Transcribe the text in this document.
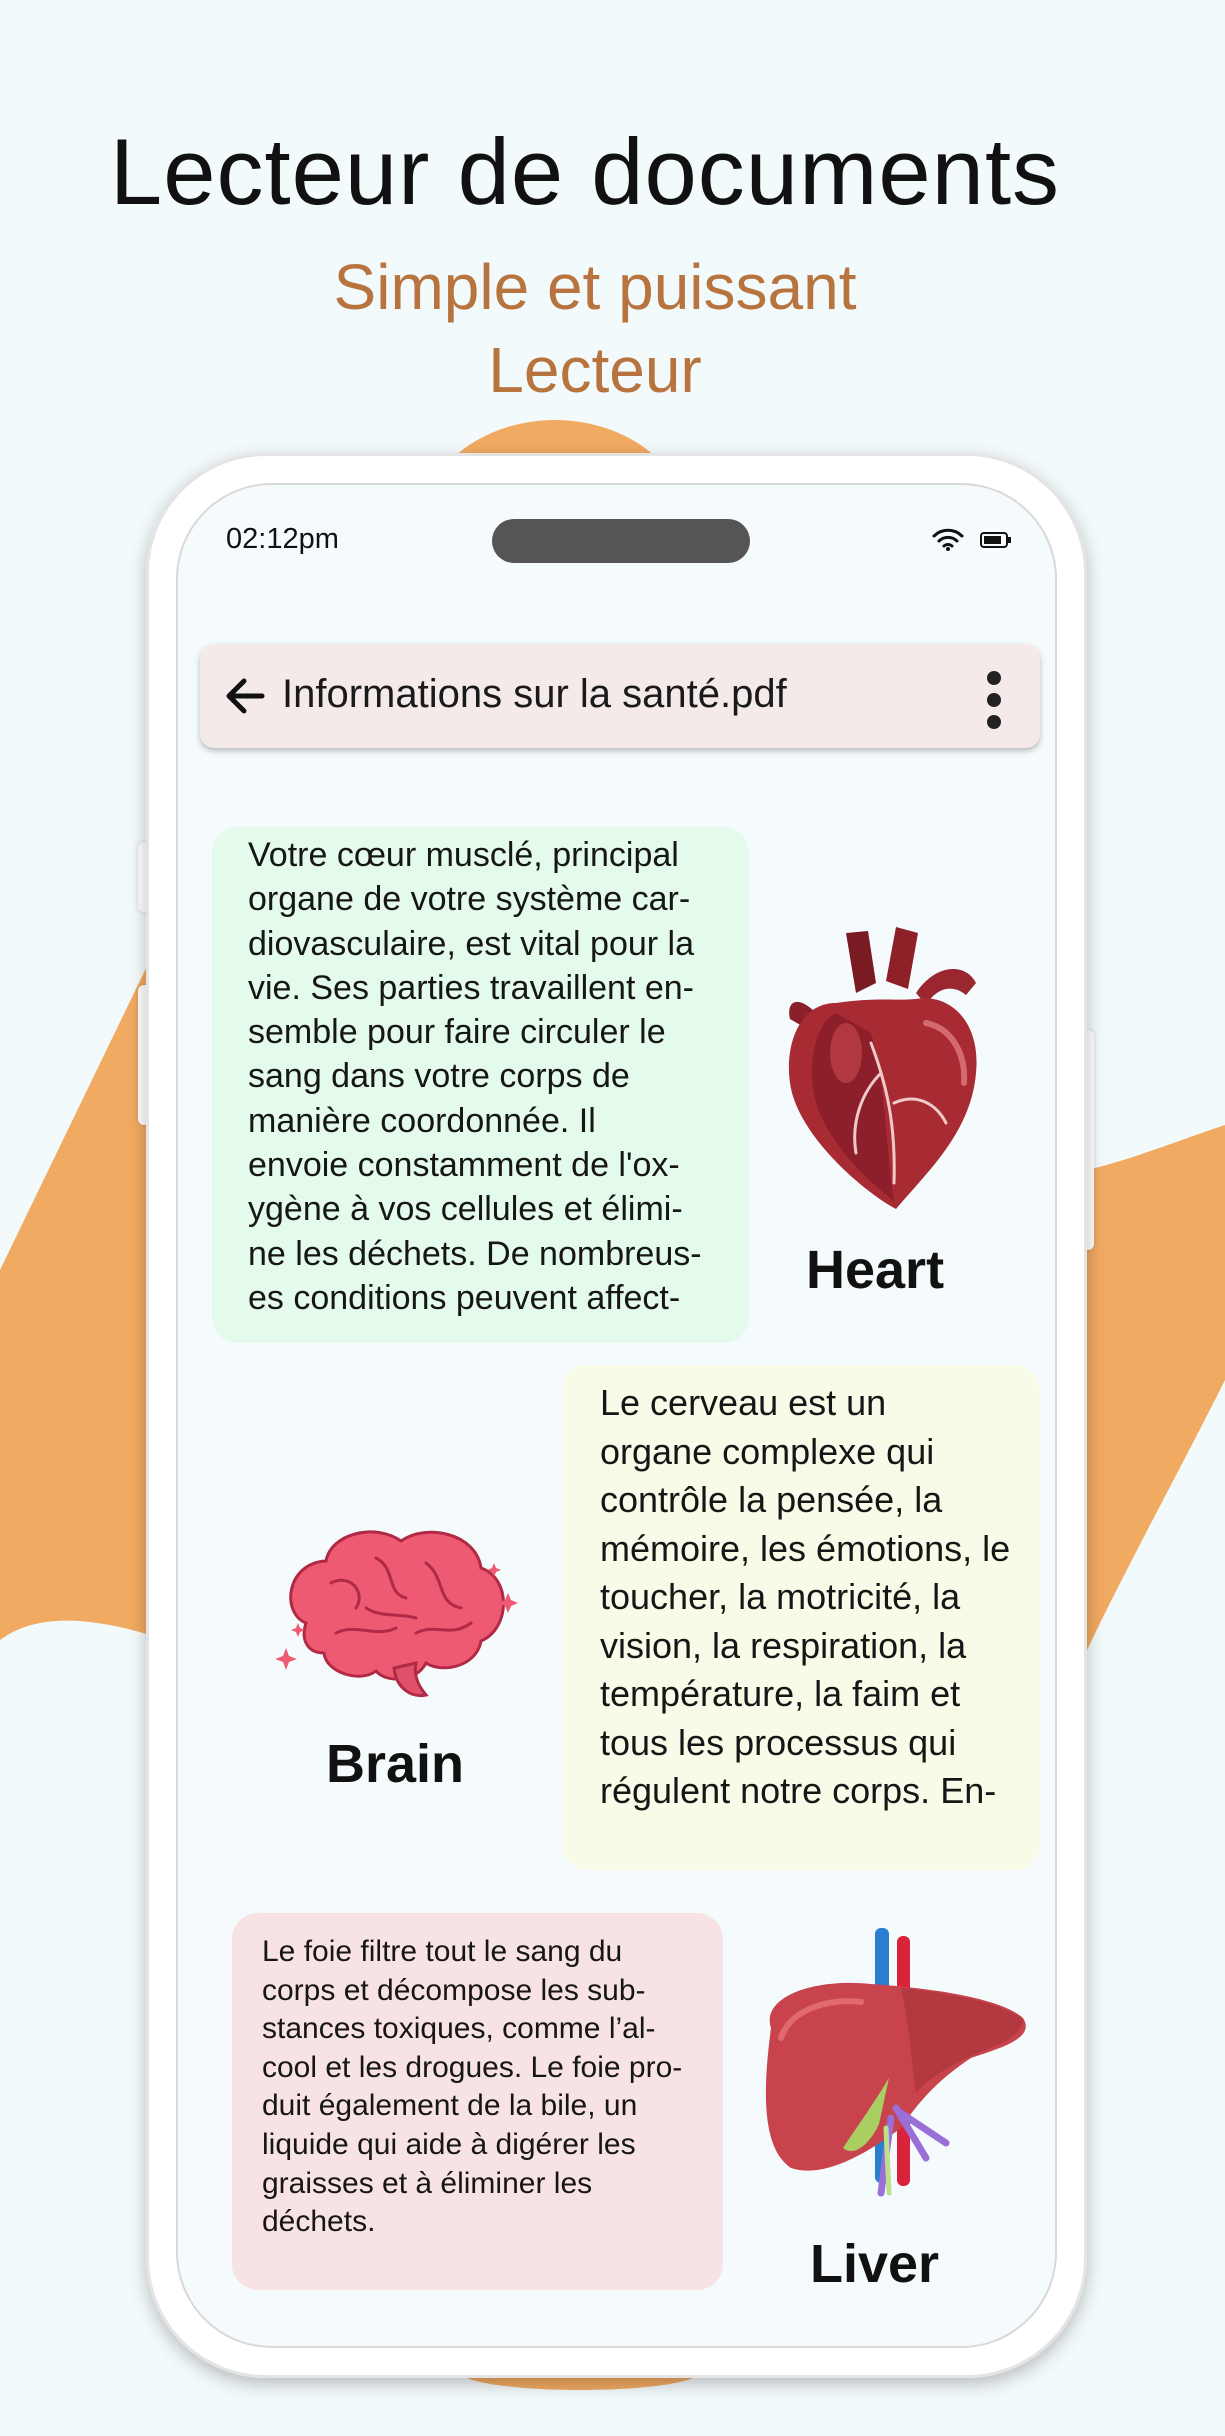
Lecteur de documents
Simple et puissant
Lecteur
02:12pm
Informations sur la santé.pdf
Votre cœur musclé, principal
organe de votre système car-
diovasculaire, est vital pour la
vie. Ses parties travaillent en-
semble pour faire circuler le
sang dans votre corps de
manière coordonnée. Il
envoie constamment de l'ox-
ygène à vos cellules et élimi-
ne les déchets. De nombreus-
es conditions peuvent affect-	Heart
Brain
Le cerveau est un
organe complexe qui
contrôle la pensée, la
mémoire, les émotions, le
toucher, la motricité, la
vision, la respiration, la
température, la faim et
tous les processus qui
régulent notre corps. En-
Le foie filtre tout le sang du
corps et décompose les sub-
stances toxiques, comme l’al-
cool et les drogues. Le foie pro-
duit également de la bile, un
liquide qui aide à digérer les
graisses et à éliminer les
déchets.
Liver
